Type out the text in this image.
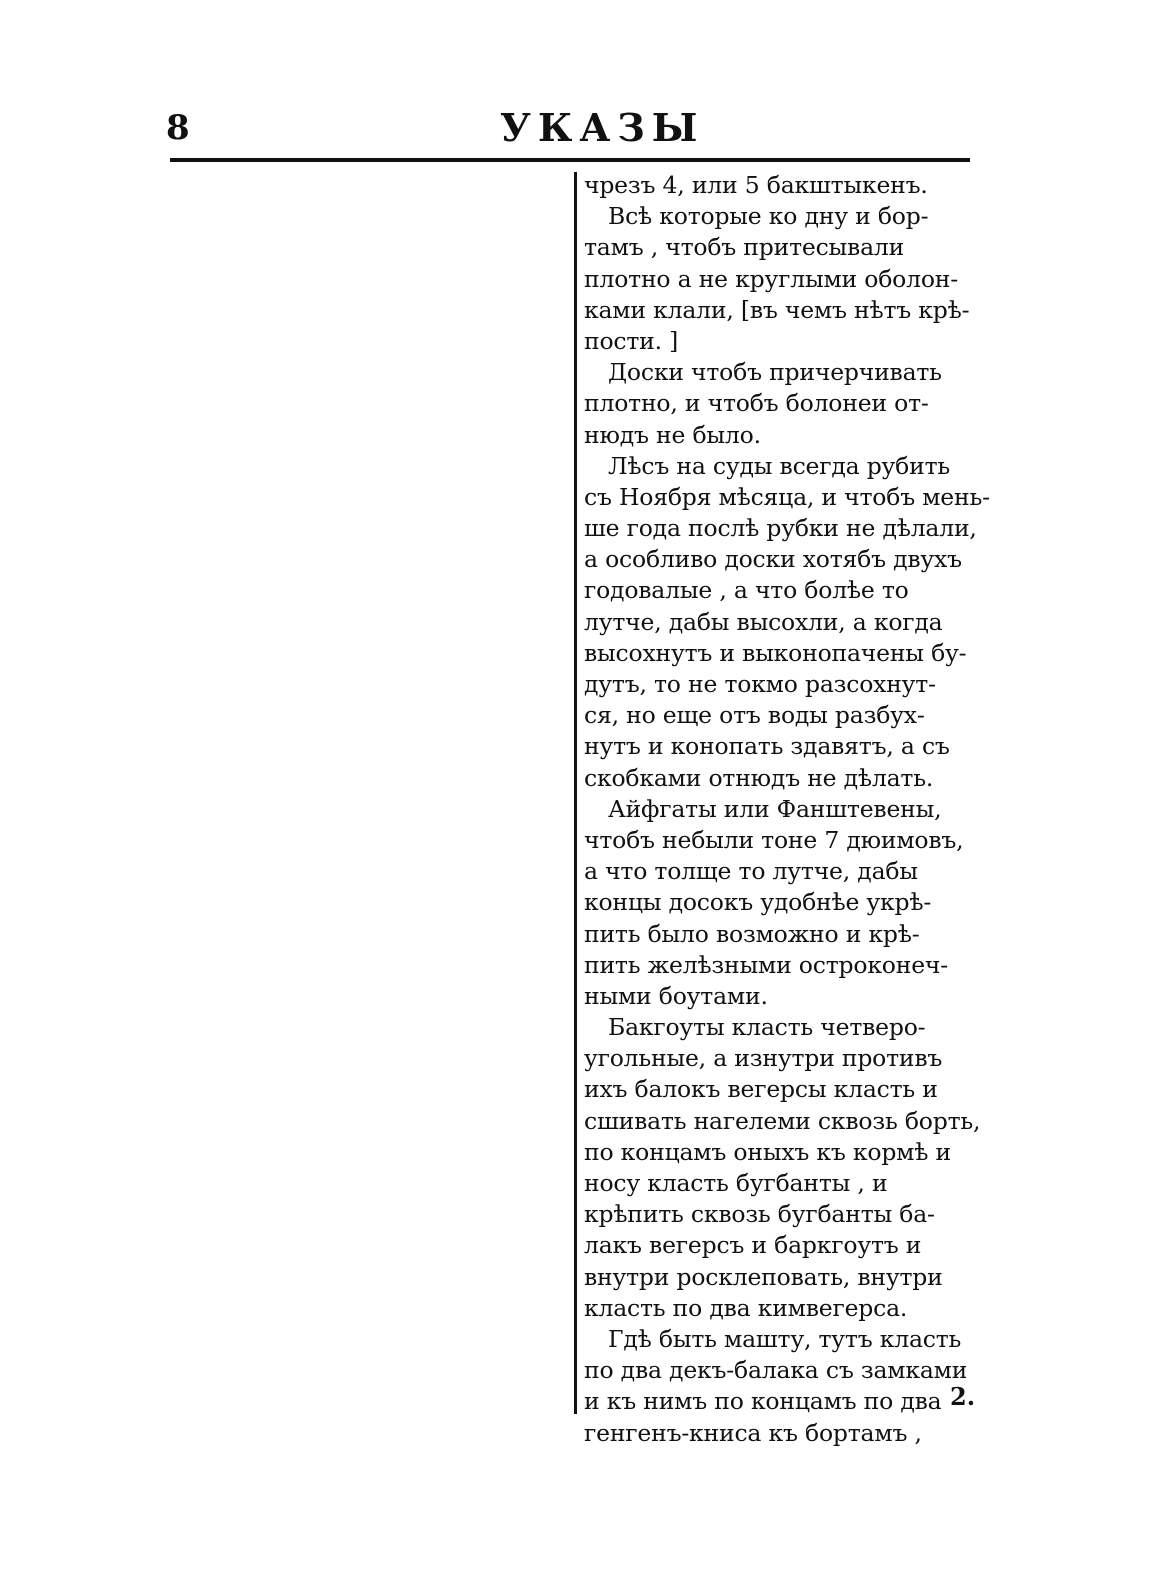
8	УКАЗЫ
чрезъ 4, или 5 бакштыкенъ.
Всѣ которые ко дну и бор-
тамъ , чтобъ притесывали
плотно а не круглыми оболон-
ками клали, [въ чемъ нѣтъ крѣ-
пости. ]
Доски чтобъ причерчивать
плотно, и чтобъ болонеи от-
нюдъ не было.
Лѣсъ на суды всегда рубить
съ Ноября мѣсяца, и чтобъ мень-
ше года послѣ рубки не дѣлали,
а особливо доски хотябъ двухъ
годовалые , а что болѣе то
лутче, дабы высохли, а когда
высохнутъ и выконопачены бу-
дутъ, то не токмо разсохнут-
ся, но еще отъ воды разбух-
нутъ и конопать здавятъ, а съ
скобками отнюдъ не дѣлать.
Айфгаты или Фанштевены,
чтобъ небыли тоне 7 дюимовъ,
а что толще то лутче, дабы
концы досокъ удобнѣе укрѣ-
пить было возможно и крѣ-
пить желѣзными остроконеч-
ными боутами.
Бакгоуты класть четверо-
угольные, а изнутри противъ
ихъ балокъ вегерсы класть и
сшивать нагелеми сквозь борть,
по концамъ оныхъ къ кормѣ и
носу класть бугбанты , и
крѣпить сквозь бугбанты ба-
лакъ вегерсъ и баркгоутъ и
внутри росклеповать, внутри
класть по два кимвегерса.
Гдѣ быть машту, тутъ класть
по два декъ-балака съ замками
и къ нимъ по концамъ по два
генгенъ-книса къ бортамъ ,
2.
